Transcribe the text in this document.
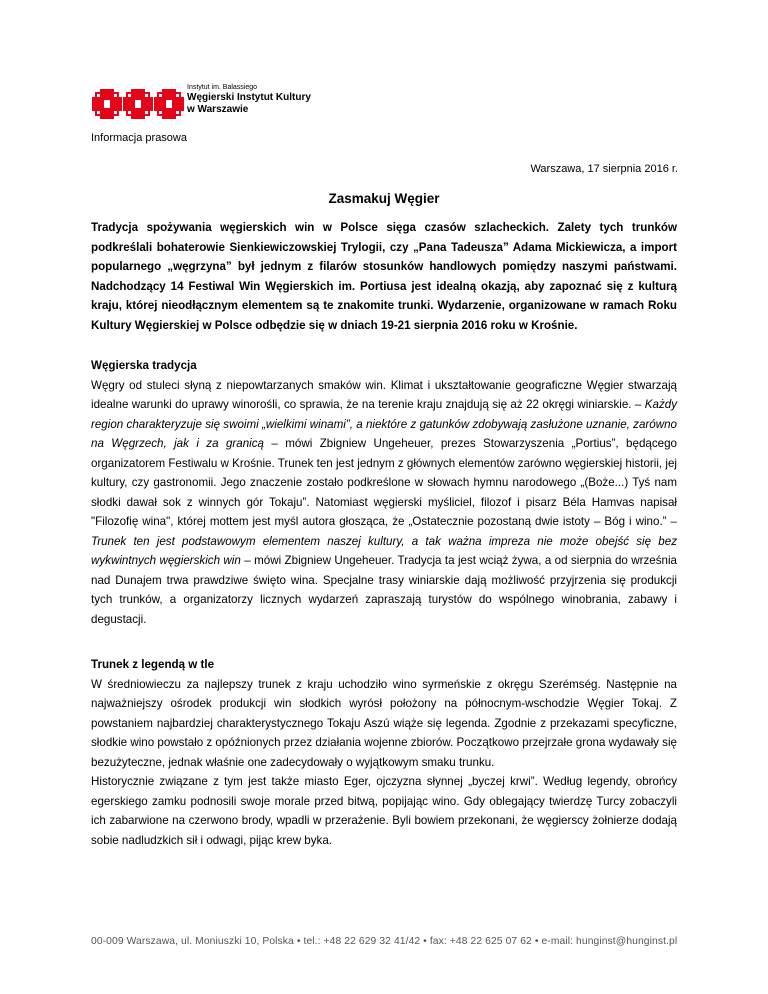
Instytut im. Balassiego
Węgierski Instytut Kultury
w Warszawie
Informacja prasowa
Warszawa, 17 sierpnia 2016 r.
Zasmakuj Węgier
Tradycja spożywania węgierskich win w Polsce sięga czasów szlacheckich. Zalety tych trunków podkreślali bohaterowie Sienkiewiczowskiej Trylogii, czy „Pana Tadeusza” Adama Mickiewicza, a import popularnego „węgrzyna” był jednym z filarów stosunków handlowych pomiędzy naszymi państwami. Nadchodzący 14 Festiwal Win Węgierskich im. Portiusa jest idealną okazją, aby zapoznać się z kulturą kraju, której nieodłącznym elementem są te znakomite trunki. Wydarzenie, organizowane w ramach Roku Kultury Węgierskiej w Polsce odbędzie się w dniach 19-21 sierpnia 2016 roku w Krośnie.
Węgierska tradycja

Węgry od stuleci słyną z niepowtarzanych smaków win. Klimat i ukształtowanie geograficzne Węgier stwarzają idealne warunki do uprawy winorośli, co sprawia, że na terenie kraju znajdują się aż 22 okręgi winiarskie. – Każdy region charakteryzuje się swoimi „wielkimi winami”, a niektóre z gatunków zdobywają zasłużone uznanie, zarówno na Węgrzech, jak i za granicą – mówi Zbigniew Ungeheuer, prezes Stowarzyszenia „Portius”, będącego organizatorem Festiwalu w Krośnie. Trunek ten jest jednym z głównych elementów zarówno węgierskiej historii, jej kultury, czy gastronomii. Jego znaczenie zostało podkreślone w słowach hymnu narodowego „(Boże...) Tyś nam słodki dawał sok z winnych gór Tokaju”. Natomiast węgierski myśliciel, filozof i pisarz Béla Hamvas napisał "Filozofię wina", której mottem jest myśl autora głosząca, że „Ostatecznie pozostaną dwie istoty – Bóg i wino.” – Trunek ten jest podstawowym elementem naszej kultury, a tak ważna impreza nie może obejść się bez wykwintnych węgierskich win – mówi Zbigniew Ungeheuer. Tradycja ta jest wciąż żywa, a od sierpnia do września nad Dunajem trwa prawdziwe święto wina. Specjalne trasy winiarskie dają możliwość przyjrzenia się produkcji tych trunków, a organizatorzy licznych wydarzeń zapraszają turystów do wspólnego winobrania, zabawy i degustacji.

Trunek z legendą w tle

W średniowieczu za najlepszy trunek z kraju uchodziło wino syrmeńskie z okręgu Szerémség. Następnie na najważniejszy ośrodek produkcji win słodkich wyrósł położony na północnym-wschodzie Węgier Tokaj. Z powstaniem najbardziej charakterystycznego Tokaju Aszú wiąże się legenda. Zgodnie z przekazami specyficzne, słodkie wino powstało z opóźnionych przez działania wojenne zbiorów. Początkowo przejrzałe grona wydawały się bezużyteczne, jednak właśnie one zadecydowały o wyjątkowym smaku trunku.

Historycznie związane z tym jest także miasto Eger, ojczyzna słynnej „byczej krwi”. Według legendy, obrońcy egerskiego zamku podnosili swoje morale przed bitwą, popijając wino. Gdy oblegający twierdzę Turcy zobaczyli ich zabarwione na czerwono brody, wpadli w przerażenie. Byli bowiem przekonani, że węgierscy żołnierze dodają sobie nadludzkich sił i odwagi, pijąc krew byka.

00-009 Warszawa, ul. Moniuszki 10, Polska • tel.: +48 22 629 32 41/42 • fax: +48 22 625 07 62 • e-mail: hunginst@hunginst.pl
